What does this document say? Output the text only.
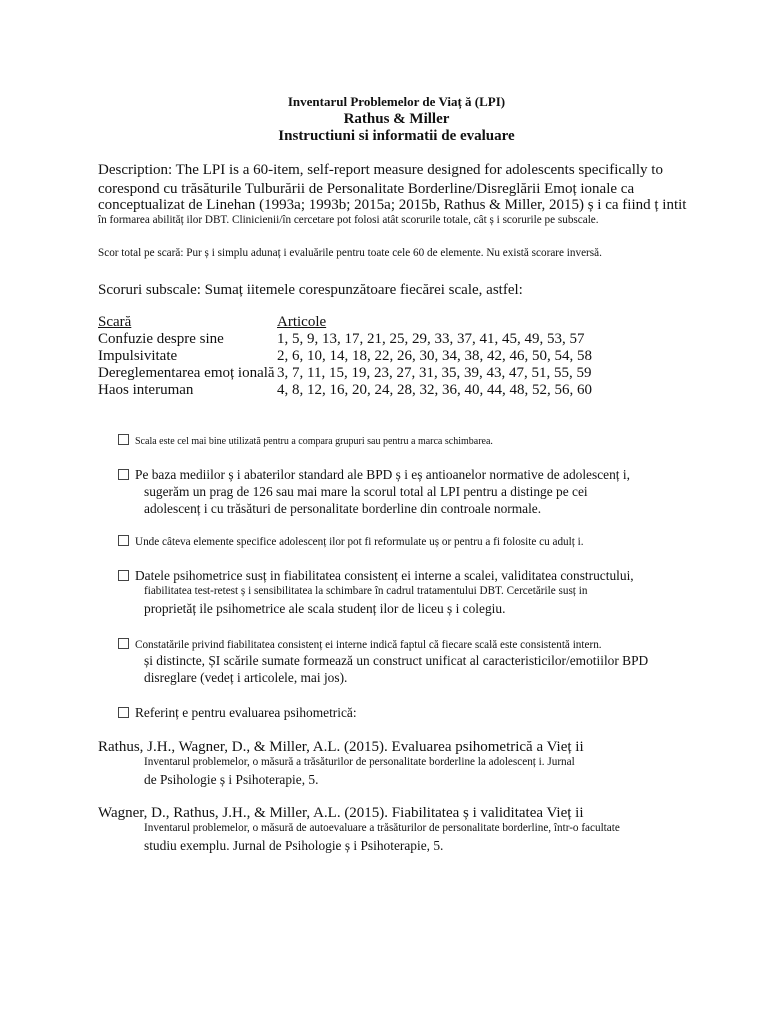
Inventarul Problemelor de Viaț ă (LPI)
Rathus & Miller
Instructiuni si informatii de evaluare
Description: The LPI is a 60-item, self-report measure designed for adolescents specifically to
corespond cu trăsăturile Tulburării de Personalitate Borderline/Disreglării Emoț ionale ca
conceptualizat de Linehan (1993a; 1993b; 2015a; 2015b, Rathus & Miller, 2015) ș i ca fiind ț intit
în formarea abilităț ilor DBT. Clinicienii/în cercetare pot folosi atât scorurile totale, cât ș i scorurile pe subscale.
Scor total pe scară: Pur ș i simplu adunaț i evaluările pentru toate cele 60 de elemente. Nu există scorare inversă.
Scoruri subscale: Sumaț iitemele corespunzătoare fiecărei scale, astfel:
Scară	Articole
Confuzie despre sine	1, 5, 9, 13, 17, 21, 25, 29, 33, 37, 41, 45, 49, 53, 57
Impulsivitate	2, 6, 10, 14, 18, 22, 26, 30, 34, 38, 42, 46, 50, 54, 58
Dereglementarea emoț ională 3, 7, 11, 15, 19, 23, 27, 31, 35, 39, 43, 47, 51, 55, 59
Haos interuman	4, 8, 12, 16, 20, 24, 28, 32, 36, 40, 44, 48, 52, 56, 60
Scala este cel mai bine utilizată pentru a compara grupuri sau pentru a marca schimbarea.
Pe baza mediilor ș i abaterilor standard ale BPD ș i eș antioanelor normative de adolescenț i,
sugerăm un prag de 126 sau mai mare la scorul total al LPI pentru a distinge pe cei
adolescenț i cu trăsături de personalitate borderline din controale normale.
Unde câteva elemente specifice adolescenț ilor pot fi reformulate uș or pentru a fi folosite cu adulț i.
Datele psihometrice susț in fiabilitatea consistenț ei interne a scalei, validitatea constructului,
fiabilitatea test-retest ș i sensibilitatea la schimbare în cadrul tratamentului DBT. Cercetările susț in
proprietăț ile psihometrice ale scala studenț ilor de liceu ș i colegiu.
Constatările privind fiabilitatea consistenț ei interne indică faptul că fiecare scală este consistentă intern.
și distincte, ȘI scările sumate formează un construct unificat al caracteristicilor/emotiilor BPD
disreglare (vedeț i articolele, mai jos).
Referinț e pentru evaluarea psihometrică:
Rathus, J.H., Wagner, D., & Miller, A.L. (2015). Evaluarea psihometrică a Vieț ii
Inventarul problemelor, o măsură a trăsăturilor de personalitate borderline la adolescenț i. Jurnal
de Psihologie ș i Psihoterapie, 5.
Wagner, D., Rathus, J.H., & Miller, A.L. (2015). Fiabilitatea ș i validitatea Vieț ii
Inventarul problemelor, o măsură de autoevaluare a trăsăturilor de personalitate borderline, într-o facultate
studiu exemplu. Jurnal de Psihologie ș i Psihoterapie, 5.
